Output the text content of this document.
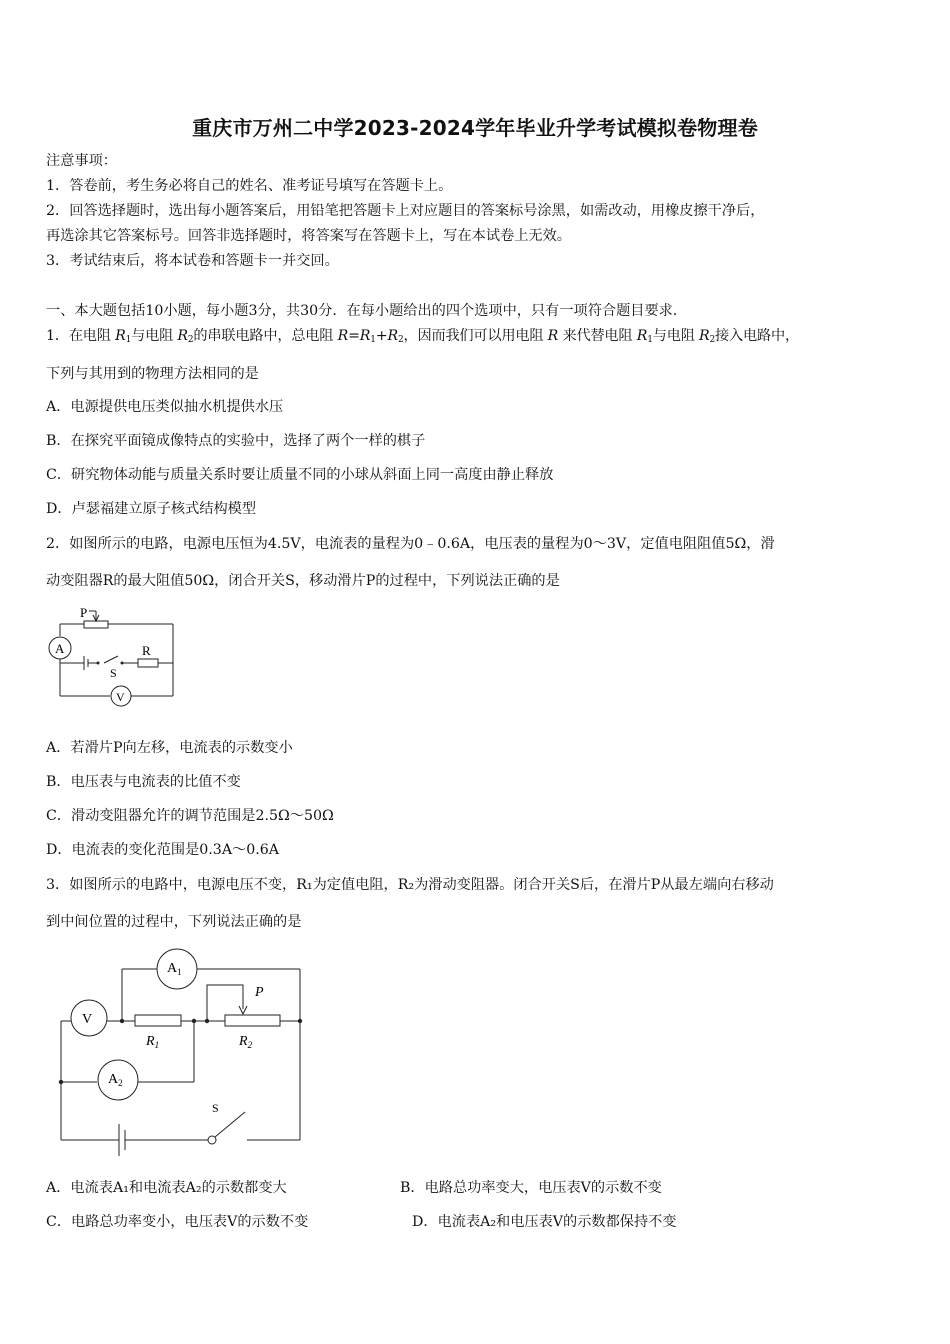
重庆市万州二中学2023-2024学年毕业升学考试模拟卷物理卷
注意事项：
1．答卷前，考生务必将自己的姓名、准考证号填写在答题卡上。
2．回答选择题时，选出每小题答案后，用铅笔把答题卡上对应题目的答案标号涂黑，如需改动，用橡皮擦干净后，
再选涂其它答案标号。回答非选择题时，将答案写在答题卡上，写在本试卷上无效。
3．考试结束后，将本试卷和答题卡一并交回。
一、本大题包括10小题，每小题3分，共30分．在每小题给出的四个选项中，只有一项符合题目要求．
1．在电阻 $R_1$与电阻 $R_2$的串联电路中，总电阻 $R=R_1+R_2$，因而我们可以用电阻 R 来代替电阻 $R_1$与电阻 $R_2$接入电路中，
下列与其用到的物理方法相同的是
A．电源提供电压类似抽水机提供水压
B．在探究平面镜成像特点的实验中，选择了两个一样的棋子
C．研究物体动能与质量关系时要让质量不同的小球从斜面上同一高度由静止释放
D．卢瑟福建立原子核式结构模型
2．如图所示的电路，电源电压恒为4.5V，电流表的量程为0﹣0.6A，电压表的量程为0～3V，定值电阻阻值5Ω，滑
动变阻器R的最大阻值50Ω，闭合开关S，移动滑片P的过程中，下列说法正确的是
P
A
S
R
V
A．若滑片P向左移，电流表的示数变小
B．电压表与电流表的比值不变
C．滑动变阻器允许的调节范围是2.5Ω～50Ω
D．电流表的变化范围是0.3A～0.6A
3．如图所示的电路中，电源电压不变，R₁为定值电阻，R₂为滑动变阻器。闭合开关S后，在滑片P从最左端向右移动
到中间位置的过程中，下列说法正确的是
$A_1$
V
P
$R_1$	$R_2$
$A_2$
S
A．电流表A₁和电流表A₂的示数都变大	B．电路总功率变大，电压表V的示数不变
C．电路总功率变小，电压表V的示数不变	D．电流表A₂和电压表V的示数都保持不变
